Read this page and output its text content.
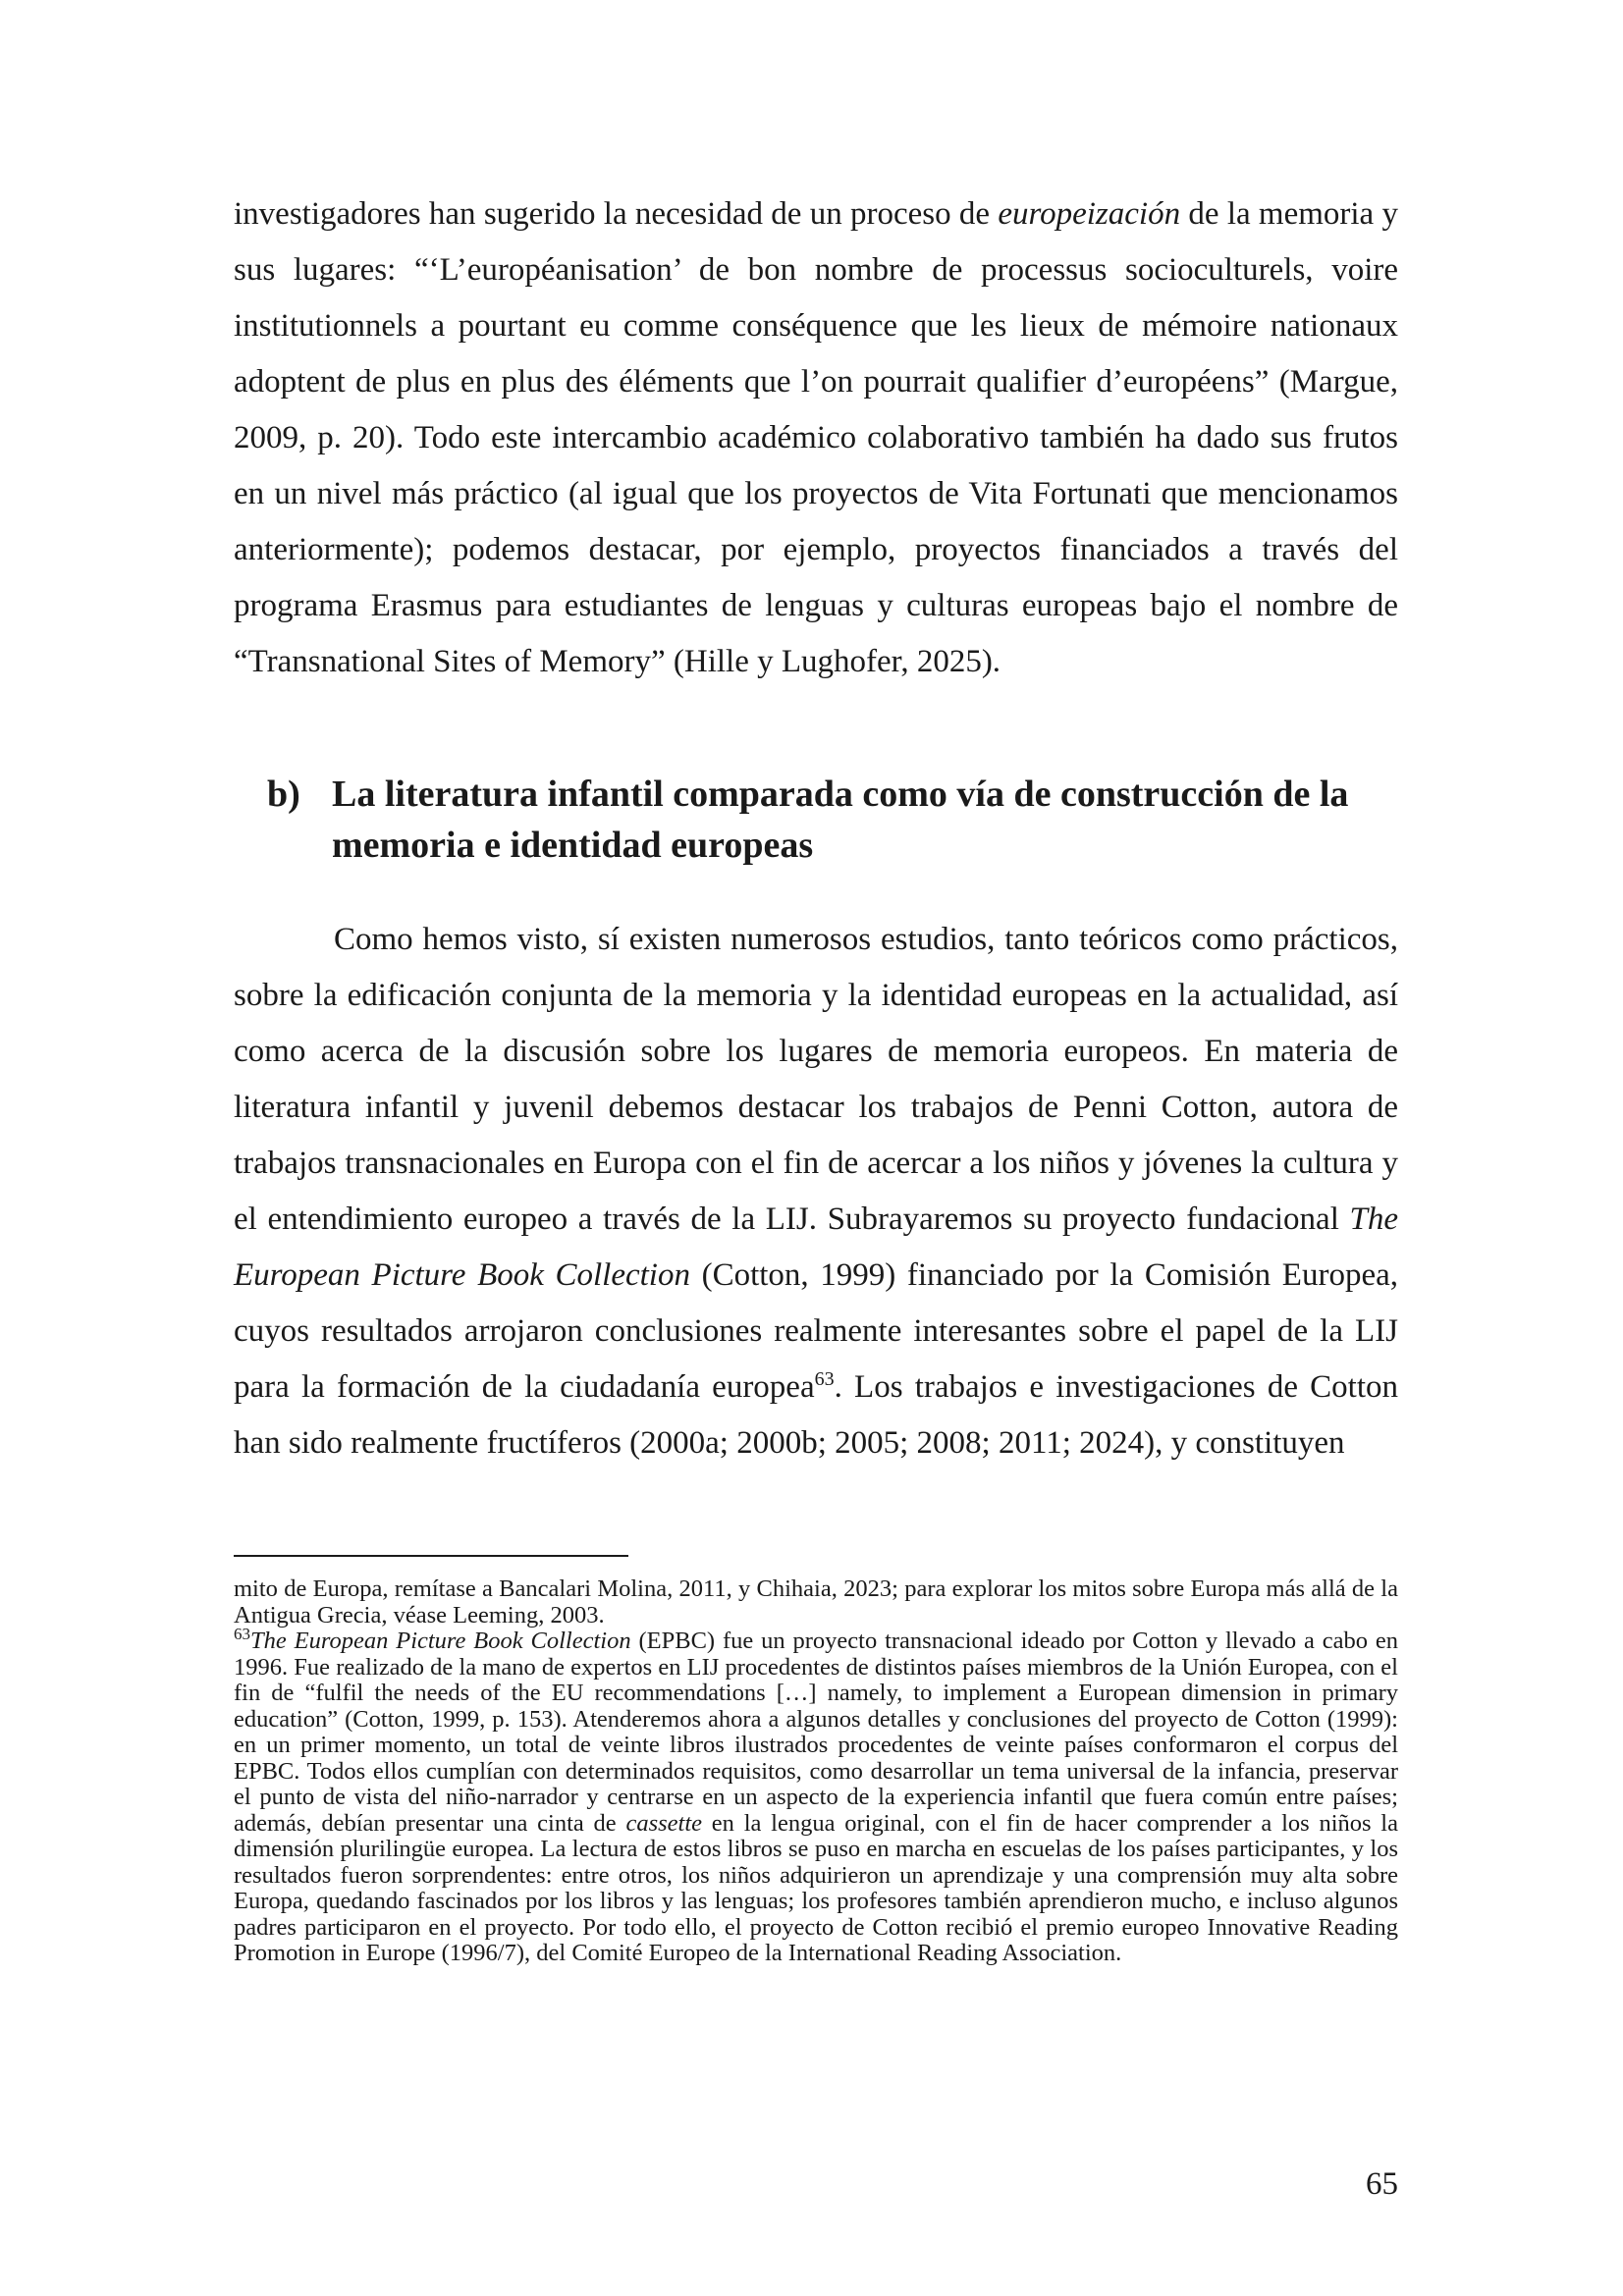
investigadores han sugerido la necesidad de un proceso de europeización de la memoria y sus lugares: “‘L’européanisation’ de bon nombre de processus socioculturels, voire institutionnels a pourtant eu comme conséquence que les lieux de mémoire nationaux adoptent de plus en plus des éléments que l’on pourrait qualifier d’européens” (Margue, 2009, p. 20). Todo este intercambio académico colaborativo también ha dado sus frutos en un nivel más práctico (al igual que los proyectos de Vita Fortunati que mencionamos anteriormente); podemos destacar, por ejemplo, proyectos financiados a través del programa Erasmus para estudiantes de lenguas y culturas europeas bajo el nombre de “Transnational Sites of Memory” (Hille y Lughofer, 2025).

b) La literatura infantil comparada como vía de construcción de la memoria e identidad europeas

Como hemos visto, sí existen numerosos estudios, tanto teóricos como prácticos, sobre la edificación conjunta de la memoria y la identidad europeas en la actualidad, así como acerca de la discusión sobre los lugares de memoria europeos. En materia de literatura infantil y juvenil debemos destacar los trabajos de Penni Cotton, autora de trabajos transnacionales en Europa con el fin de acercar a los niños y jóvenes la cultura y el entendimiento europeo a través de la LIJ. Subrayaremos su proyecto fundacional The European Picture Book Collection (Cotton, 1999) financiado por la Comisión Europea, cuyos resultados arrojaron conclusiones realmente interesantes sobre el papel de la LIJ para la formación de la ciudadanía europea$^{63}$. Los trabajos e investigaciones de Cotton han sido realmente fructíferos (2000a; 2000b; 2005; 2008; 2011; 2024), y constituyen

mito de Europa, remítase a Bancalari Molina, 2011, y Chihaia, 2023; para explorar los mitos sobre Europa más allá de la Antigua Grecia, véase Leeming, 2003.

$^{63}$The European Picture Book Collection (EPBC) fue un proyecto transnacional ideado por Cotton y llevado a cabo en 1996. Fue realizado de la mano de expertos en LIJ procedentes de distintos países miembros de la Unión Europea, con el fin de “fulfil the needs of the EU recommendations […] namely, to implement a European dimension in primary education” (Cotton, 1999, p. 153). Atenderemos ahora a algunos detalles y conclusiones del proyecto de Cotton (1999): en un primer momento, un total de veinte libros ilustrados procedentes de veinte países conformaron el corpus del EPBC. Todos ellos cumplían con determinados requisitos, como desarrollar un tema universal de la infancia, preservar el punto de vista del niño-narrador y centrarse en un aspecto de la experiencia infantil que fuera común entre países; además, debían presentar una cinta de cassette en la lengua original, con el fin de hacer comprender a los niños la dimensión plurilingüe europea. La lectura de estos libros se puso en marcha en escuelas de los países participantes, y los resultados fueron sorprendentes: entre otros, los niños adquirieron un aprendizaje y una comprensión muy alta sobre Europa, quedando fascinados por los libros y las lenguas; los profesores también aprendieron mucho, e incluso algunos padres participaron en el proyecto. Por todo ello, el proyecto de Cotton recibió el premio europeo Innovative Reading Promotion in Europe (1996/7), del Comité Europeo de la International Reading Association.

65
